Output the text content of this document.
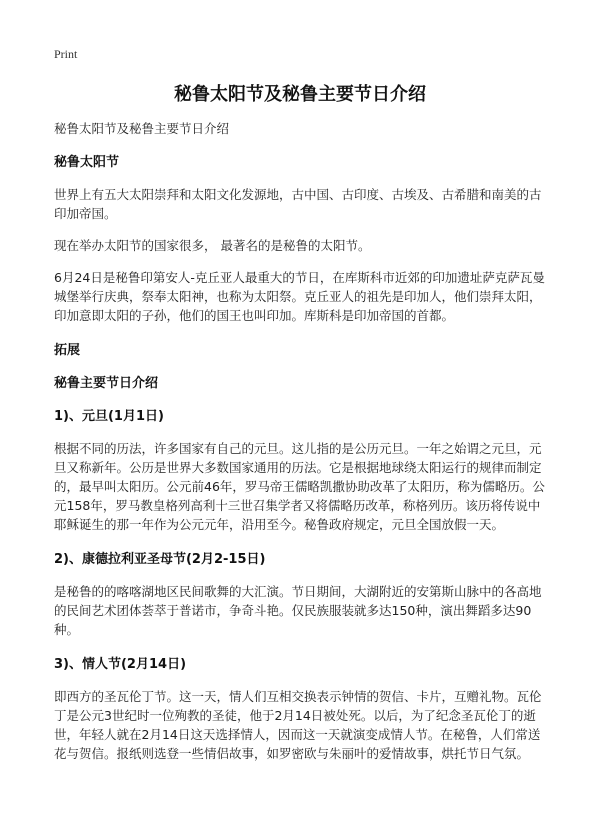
Print
秘鲁太阳节及秘鲁主要节日介绍

秘鲁太阳节及秘鲁主要节日介绍

秘鲁太阳节

世界上有五大太阳崇拜和太阳文化发源地，古中国、古印度、古埃及、古希腊和南美的古印加帝国。

现在举办太阳节的国家很多， 最著名的是秘鲁的太阳节。

6月24日是秘鲁印第安人-克丘亚人最重大的节日，在库斯科市近郊的印加遗址萨克萨瓦曼城堡举行庆典，祭奉太阳神，也称为太阳祭。克丘亚人的祖先是印加人，他们崇拜太阳，印加意即太阳的子孙，他们的国王也叫印加。库斯科是印加帝国的首都。

拓展

秘鲁主要节日介绍

1)、元旦(1月1日)

根据不同的历法，许多国家有自己的元旦。这儿指的是公历元旦。一年之始谓之元旦，元旦又称新年。公历是世界大多数国家通用的历法。它是根据地球绕太阳运行的规律而制定的，最早叫太阳历。公元前46年，罗马帝王儒略凯撒协助改革了太阳历，称为儒略历。公元158年，罗马教皇格列高利十三世召集学者又将儒略历改革，称格列历。该历将传说中耶稣诞生的那一年作为公元元年，沿用至今。秘鲁政府规定，元旦全国放假一天。

2)、康德拉利亚圣母节(2月2-15日)

是秘鲁的的喀喀湖地区民间歌舞的大汇演。节日期间，大湖附近的安第斯山脉中的各高地的民间艺术团体荟萃于普诺市，争奇斗艳。仅民族服装就多达150种，演出舞蹈多达90种。

3)、情人节(2月14日)

即西方的圣瓦伦丁节。这一天，情人们互相交换表示钟情的贺信、卡片，互赠礼物。瓦伦丁是公元3世纪时一位殉教的圣徒，他于2月14日被处死。以后，为了纪念圣瓦伦丁的逝世，年轻人就在2月14日这天选择情人，因而这一天就演变成情人节。在秘鲁，人们常送花与贺信。报纸则选登一些情侣故事，如罗密欧与朱丽叶的爱情故事，烘托节日气氛。
